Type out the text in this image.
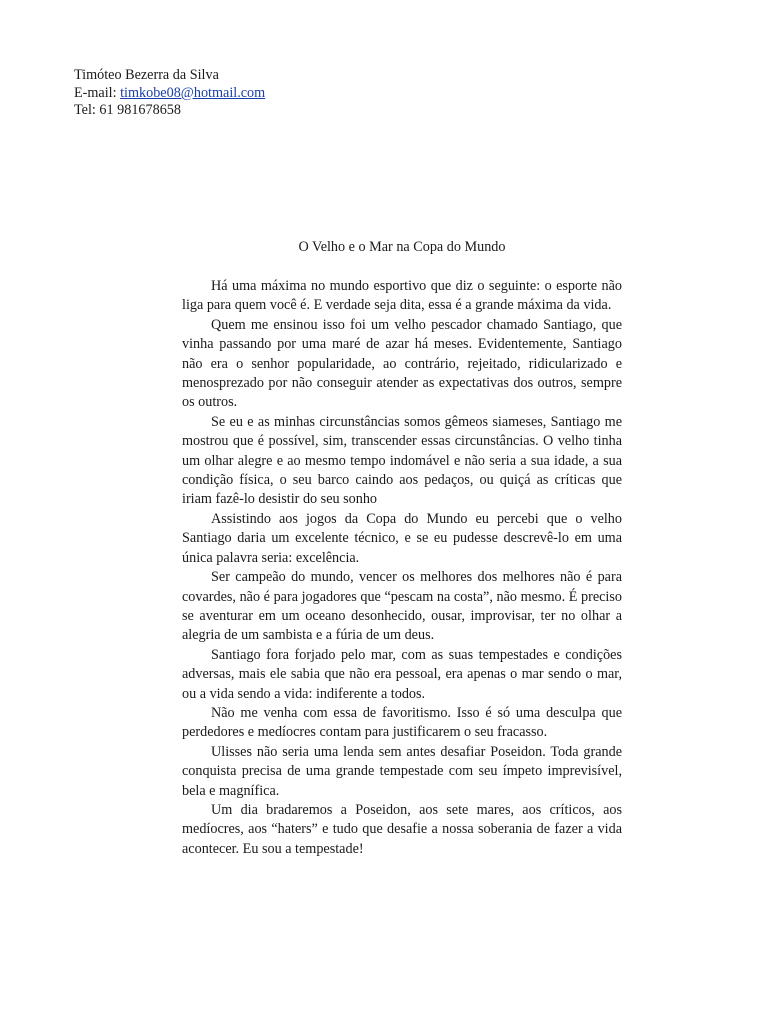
Timóteo Bezerra da Silva
E-mail: timkobe08@hotmail.com
Tel: 61 981678658
O Velho e o Mar na Copa do Mundo

Há uma máxima no mundo esportivo que diz o seguinte: o esporte não liga para quem você é. E verdade seja dita, essa é a grande máxima da vida.

Quem me ensinou isso foi um velho pescador chamado Santiago, que vinha passando por uma maré de azar há meses. Evidentemente, Santiago não era o senhor popularidade, ao contrário, rejeitado, ridicularizado e menosprezado por não conseguir atender as expectativas dos outros, sempre os outros.

Se eu e as minhas circunstâncias somos gêmeos siameses, Santiago me mostrou que é possível, sim, transcender essas circunstâncias. O velho tinha um olhar alegre e ao mesmo tempo indomável e não seria a sua idade, a sua condição física, o seu barco caindo aos pedaços, ou quiçá as críticas que iriam fazê-lo desistir do seu sonho

Assistindo aos jogos da Copa do Mundo eu percebi que o velho Santiago daria um excelente técnico, e se eu pudesse descrevê-lo em uma única palavra seria: excelência.

Ser campeão do mundo, vencer os melhores dos melhores não é para covardes, não é para jogadores que “pescam na costa”, não mesmo. É preciso se aventurar em um oceano desonhecido, ousar, improvisar, ter no olhar a alegria de um sambista e a fúria de um deus.

Santiago fora forjado pelo mar, com as suas tempestades e condições adversas, mais ele sabia que não era pessoal, era apenas o mar sendo o mar, ou a vida sendo a vida: indiferente a todos.

Não me venha com essa de favoritismo. Isso é só uma desculpa que perdedores e medíocres contam para justificarem o seu fracasso.

Ulisses não seria uma lenda sem antes desafiar Poseidon. Toda grande conquista precisa de uma grande tempestade com seu ímpeto imprevisível, bela e magnífica.

Um dia bradaremos a Poseidon, aos sete mares, aos críticos, aos medíocres, aos “haters” e tudo que desafie a nossa soberania de fazer a vida acontecer. Eu sou a tempestade!
